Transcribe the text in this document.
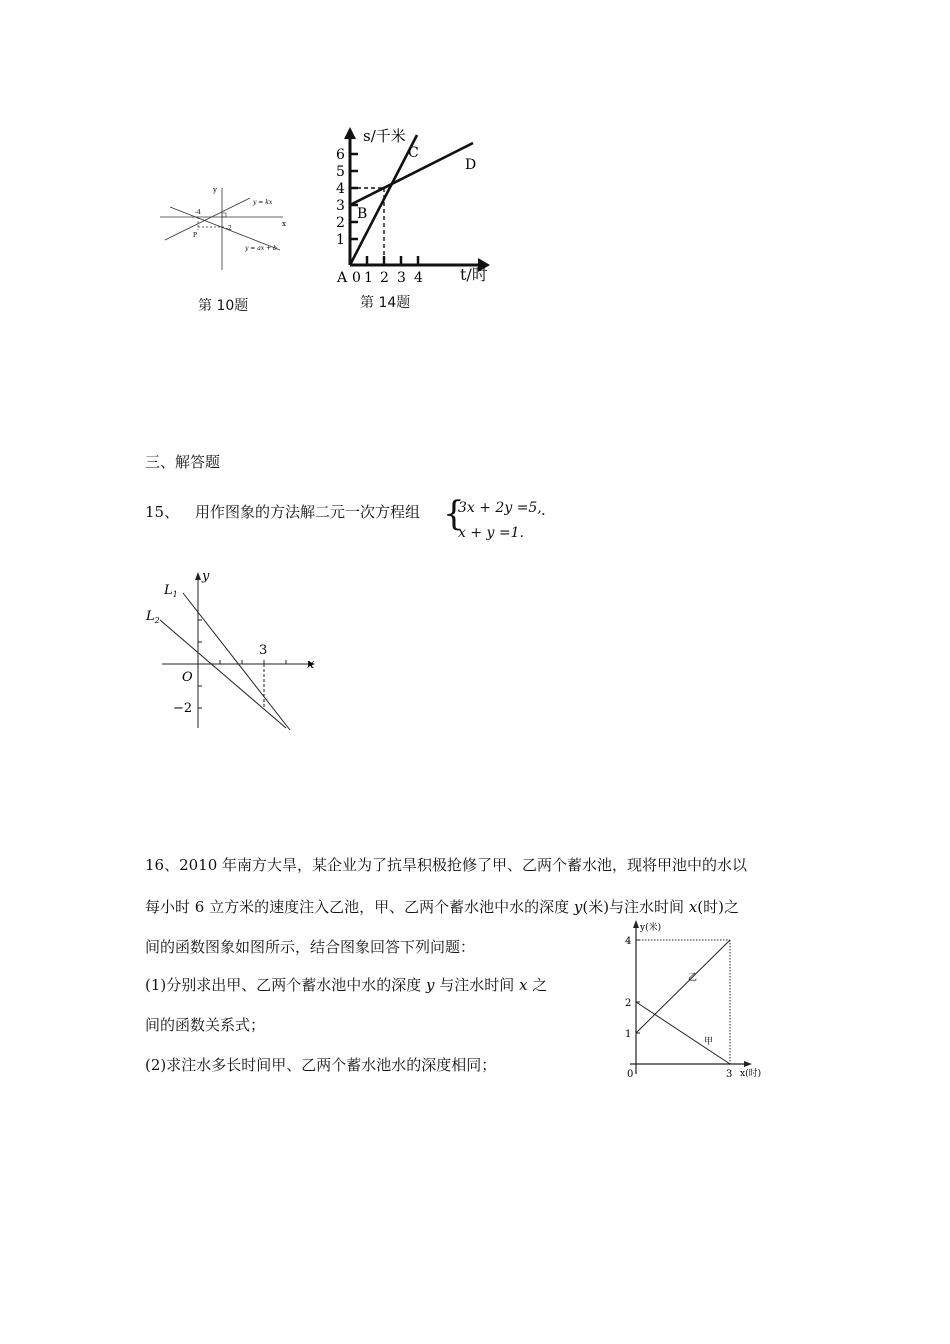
y
x
y = kx
y = ax + b
P
-4
-2
第 10题
s/千米
6
5
4
3
2
1
A 0 1 2 3 4
B
C
D
t/时
第 14题
三、解答题
15、 用作图象的方法解二元一次方程组 {
3x + 2y =5,
x + y =1.
.
$L_1$
$L_2$
y
x
O
3
−2
16、2010 年南方大旱，某企业为了抗旱积极抢修了甲、乙两个蓄水池，现将甲池中的水以
每小时 6 立方米的速度注入乙池，甲、乙两个蓄水池中水的深度 y(米)与注水时间 x(时)之
间的函数图象如图所示，结合图象回答下列问题：
(1)分别求出甲、乙两个蓄水池中水的深度 y 与注水时间 x 之
间的函数关系式；
(2)求注水多长时间甲、乙两个蓄水池水的深度相同；
y(米)
4
2
1
0	3 x(时)
乙
甲
